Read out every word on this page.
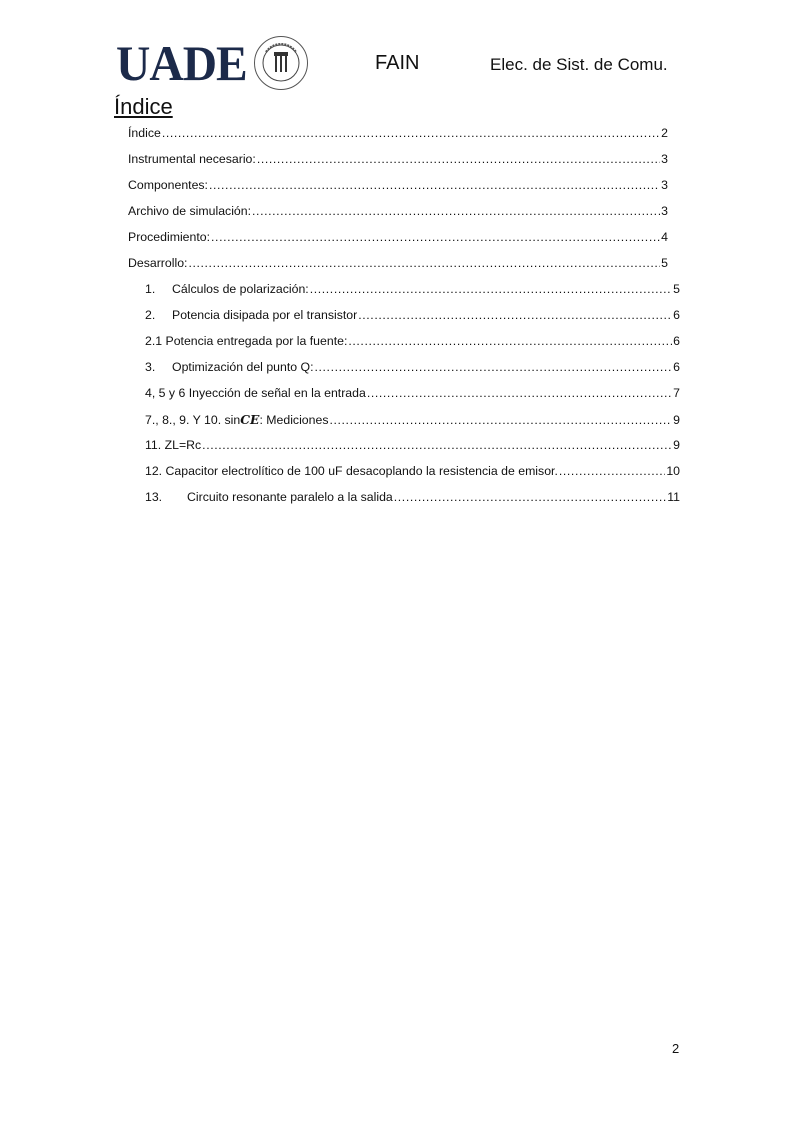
UADE	FAIN	Elec. de Sist. de Comu.
Índice
Índice .....	2
Instrumental necesario: .....	3
Componentes: .....	3
Archivo de simulación: .....	3
Procedimiento: .....	4
Desarrollo: .....	5
1.	Cálculos de polarización: .....	5
2.	Potencia disipada por el transistor .....	6
2.1 Potencia entregada por la fuente: .....	6
3.	Optimización del punto Q: .....	6
4, 5 y 6 Inyección de señal en la entrada .....	7
7., 8., 9. Y 10. sin CE : Mediciones .....	9
11. ZL=Rc .....	9
12. Capacitor electrolítico de 100 uF desacoplando la resistencia de emisor. .....	10
13.	Circuito resonante paralelo a la salida .....	11
2
